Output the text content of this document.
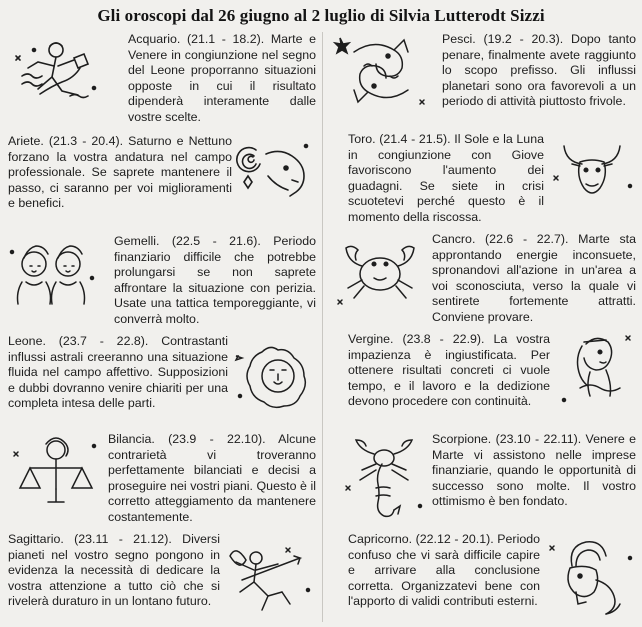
Gli oroscopi dal 26 giugno al 2 luglio di Silvia Lutterodt Sizzi
Acquario. (21.1 - 18.2). Marte e Venere in congiunzione nel segno del Leone proporranno situazioni opposte in cui il risultato dipenderà interamente dalle vostre scelte.
Ariete. (21.3 - 20.4). Saturno e Nettuno forzano la vostra andatura nel campo professionale. Se saprete mantenere il passo, ci saranno per voi miglioramenti e benefici.
Gemelli. (22.5 - 21.6). Periodo finanziario difficile che potrebbe prolungarsi se non saprete affrontare la situazione con perizia. Usate una tattica temporeggiante, vi converrà molto.
Leone. (23.7 - 22.8). Contrastanti influssi astrali creeranno una situazione fluida nel campo affettivo. Supposizioni e dubbi dovranno venire chiariti per una completa intesa delle parti.
Bilancia. (23.9 - 22.10). Alcune contrarietà vi troveranno perfettamente bilanciati e decisi a proseguire nei vostri piani. Questo è il corretto atteggiamento da mantenere costantemente.
Sagittario. (23.11 - 21.12). Diversi pianeti nel vostro segno pongono in evidenza la necessità di dedicare la vostra attenzione a tutto ciò che si rivelerà duraturo in un lontano futuro.
Pesci. (19.2 - 20.3). Dopo tanto penare, finalmente avete raggiunto lo scopo prefisso. Gli influssi planetari sono ora favorevoli a un periodo di attività piuttosto frivole.
Toro. (21.4 - 21.5). Il Sole e la Luna in congiunzione con Giove favoriscono l'aumento dei guadagni. Se siete in crisi scuotetevi perché questo è il momento della riscossa.
Cancro. (22.6 - 22.7). Marte sta approntando energie inconsuete, spronandovi all'azione in un'area a voi sconosciuta, verso la quale vi sentirete fortemente attratti. Conviene provare.
Vergine. (23.8 - 22.9). La vostra impazienza è ingiustificata. Per ottenere risultati concreti ci vuole tempo, e il lavoro e la dedizione devono procedere con continuità.
Scorpione. (23.10 - 22.11). Venere e Marte vi assistono nelle imprese finanziarie, quando le opportunità di successo sono molte. Il vostro ottimismo è ben fondato.
Capricorno. (22.12 - 20.1). Periodo confuso che vi sarà difficile capire e arrivare alla conclusione corretta. Organizzatevi bene con l'apporto di validi contributi esterni.
